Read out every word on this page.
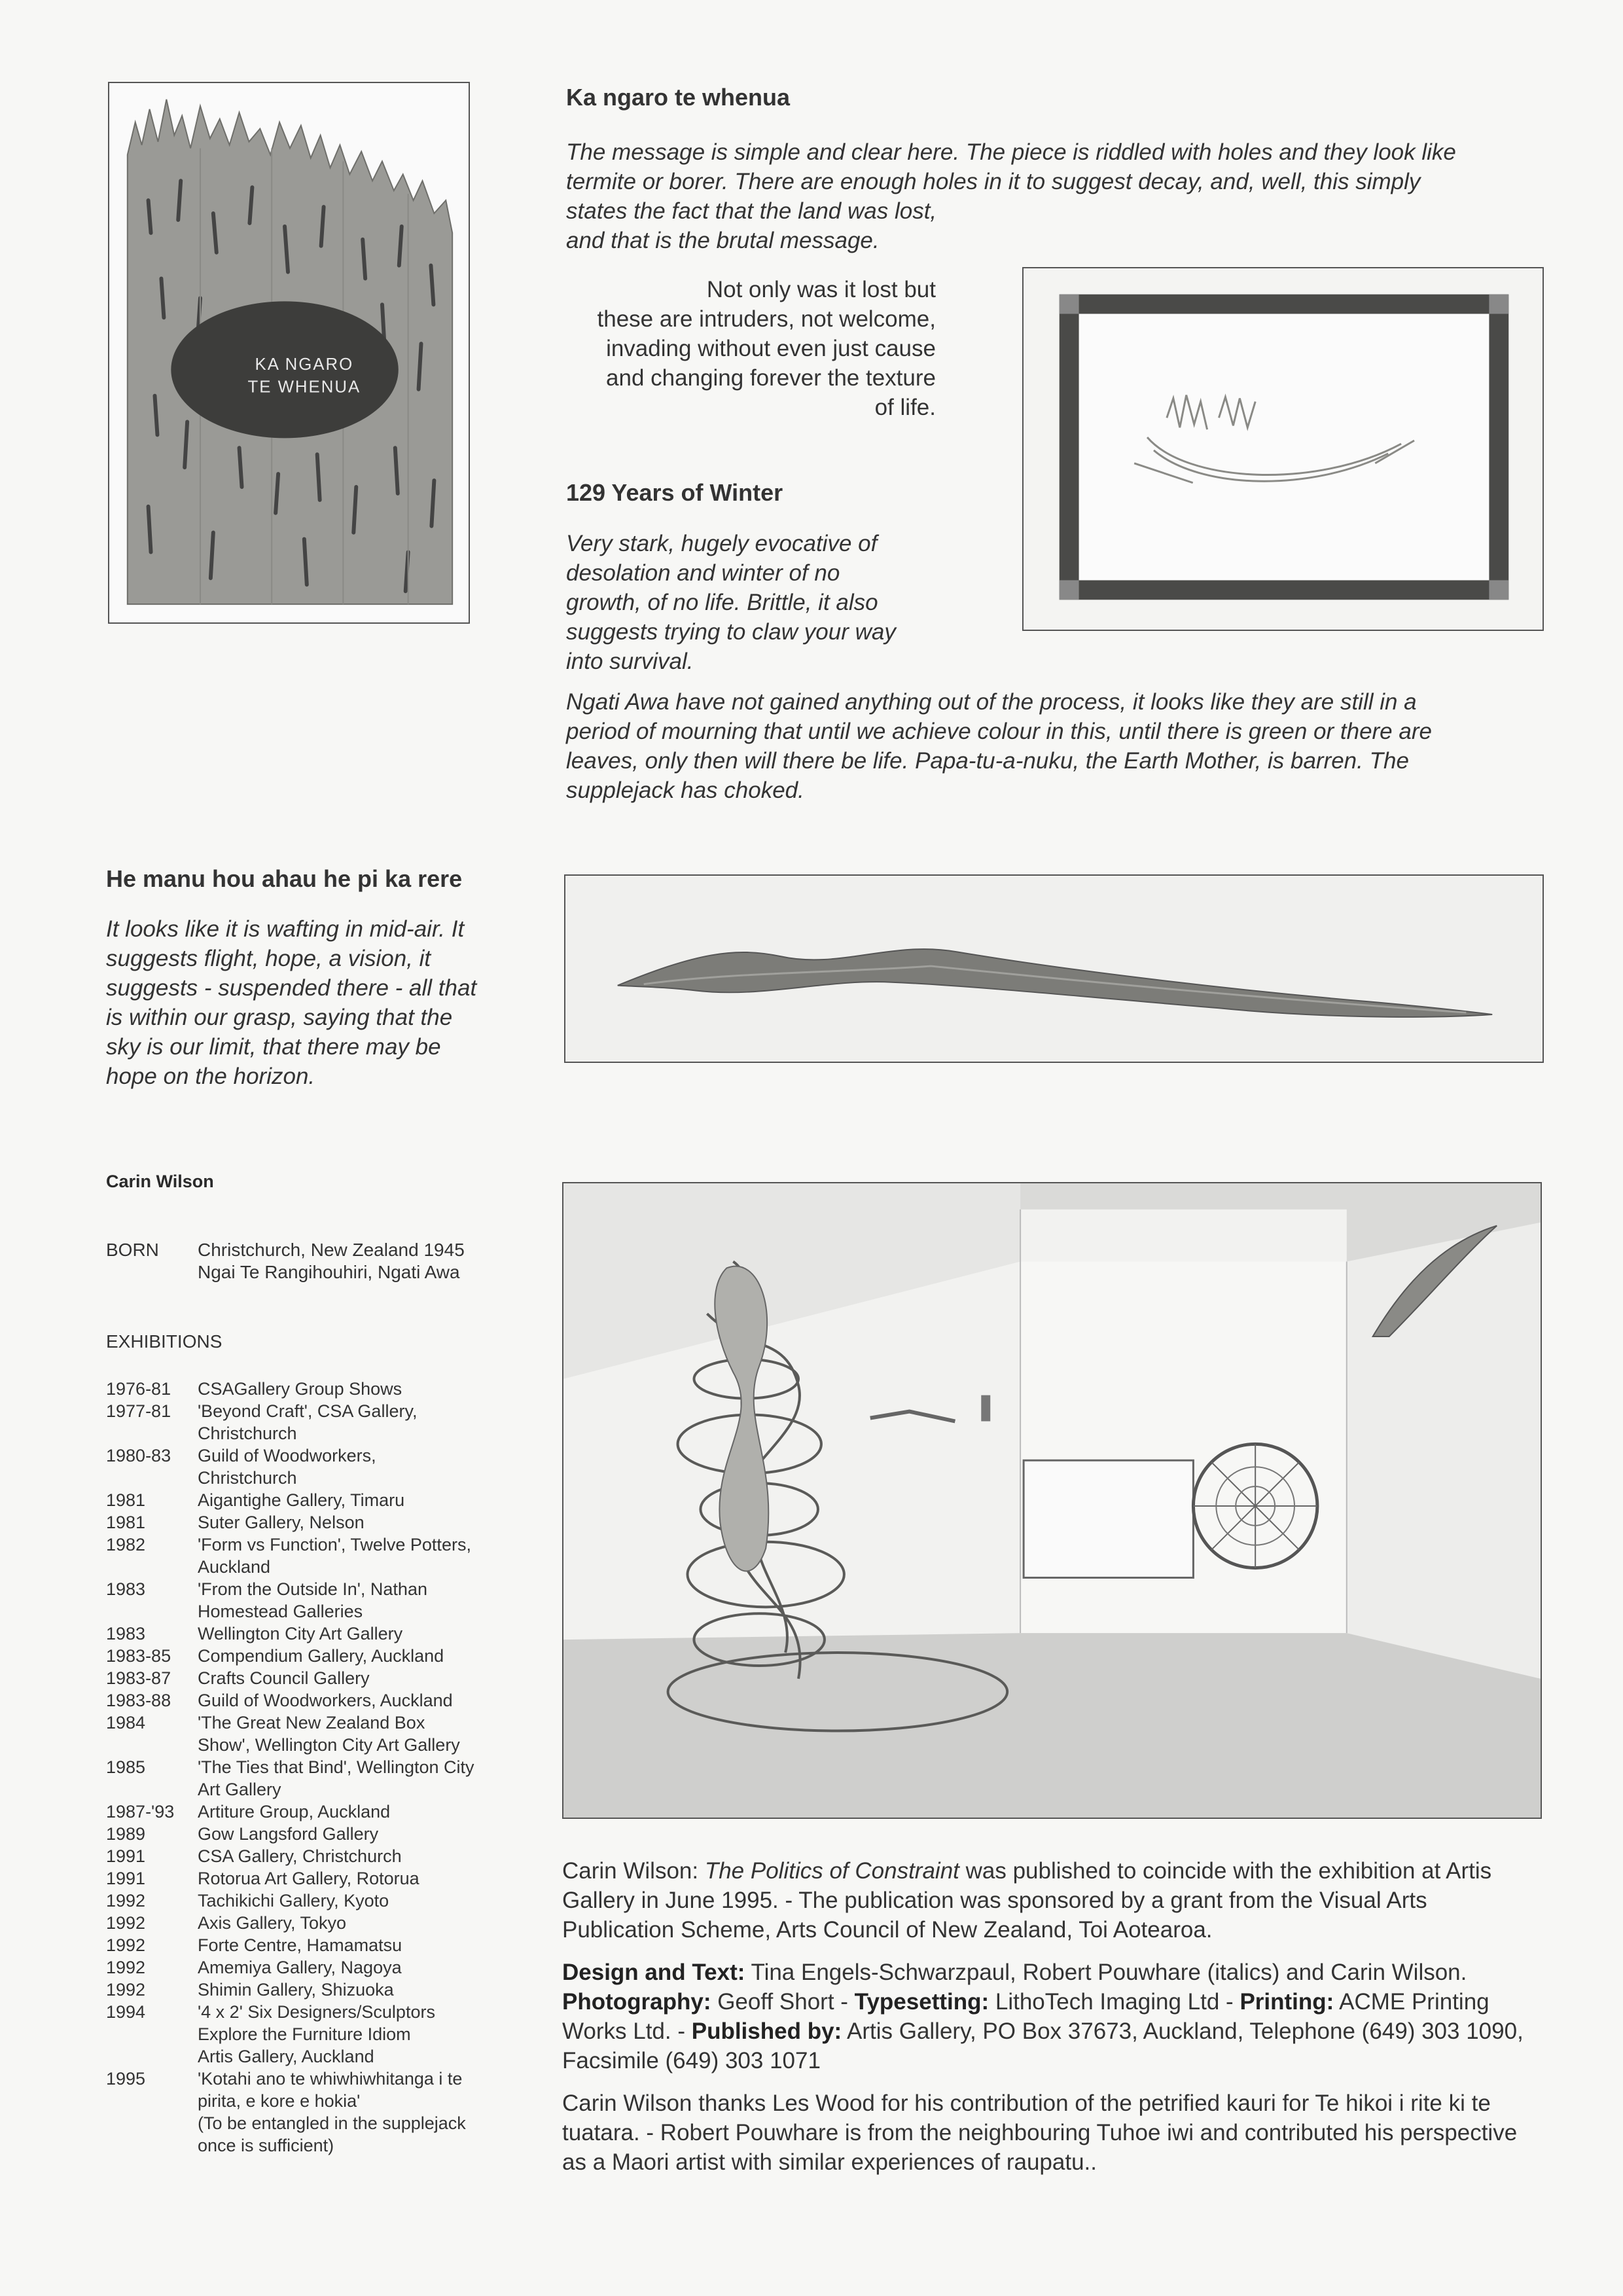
KA NGARO
TE WHENUA
Ka ngaro te whenua

The message is simple and clear here. The piece is riddled with holes and they look like

termite or borer. There are enough holes in it to suggest decay, and, well, this simply

states the fact that the land was lost,

and that is the brutal message.

Not only was it lost but

these are intruders, not welcome,

invading without even just cause

and changing forever the texture

of life.

129 Years of Winter

Very stark, hugely evocative of

desolation and winter of no

growth, of no life. Brittle, it also

suggests trying to claw your way

into survival.

Ngati Awa have not gained anything out of the process, it looks like they are still in a

period of mourning that until we achieve colour in this, until there is green or there are

leaves, only then will there be life. Papa-tu-a-nuku, the Earth Mother, is barren. The

supplejack has choked.

He manu hou ahau he pi ka rere

It looks like it is wafting in mid-air. It

suggests flight, hope, a vision, it

suggests - suspended there - all that

is within our grasp, saying that the

sky is our limit, that there may be

hope on the horizon.

Carin Wilson
BORN Christchurch, New Zealand 1945
Ngai Te Rangihouhiri, Ngati Awa
EXHIBITIONS
1976-81	CSAGallery Group Shows
1977-81	'Beyond Craft', CSA Gallery,
Christchurch
1980-83	Guild of Woodworkers,
Christchurch
1981	Aigantighe Gallery, Timaru
1981	Suter Gallery, Nelson
1982	'Form vs Function', Twelve Potters,
Auckland
1983	'From the Outside In', Nathan
Homestead Galleries
1983	Wellington City Art Gallery
1983-85	Compendium Gallery, Auckland
1983-87	Crafts Council Gallery
1983-88	Guild of Woodworkers, Auckland
1984	'The Great New Zealand Box
Show', Wellington City Art Gallery
1985	'The Ties that Bind', Wellington City
Art Gallery
1987-'93	Artiture Group, Auckland
1989	Gow Langsford Gallery
1991	CSA Gallery, Christchurch
1991	Rotorua Art Gallery, Rotorua
1992	Tachikichi Gallery, Kyoto
1992	Axis Gallery, Tokyo
1992	Forte Centre, Hamamatsu
1992	Amemiya Gallery, Nagoya
1992	Shimin Gallery, Shizuoka
1994	'4 x 2' Six Designers/Sculptors
Explore the Furniture Idiom
Artis Gallery, Auckland
1995	'Kotahi ano te whiwhiwhitanga i te
pirita, e kore e hokia'
(To be entangled in the supplejack
once is sufficient)

Carin Wilson: The Politics of Constraint was published to coincide with the exhibition at Artis Gallery in June 1995. - The publication was sponsored by a grant from the Visual Arts Publication Scheme, Arts Council of New Zealand, Toi Aotearoa.

Design and Text: Tina Engels-Schwarzpaul, Robert Pouwhare (italics) and Carin Wilson. Photography: Geoff Short - Typesetting: LithoTech Imaging Ltd - Printing: ACME Printing Works Ltd. - Published by: Artis Gallery, PO Box 37673, Auckland, Telephone (649) 303 1090, Facsimile (649) 303 1071

Carin Wilson thanks Les Wood for his contribution of the petrified kauri for Te hikoi i rite ki te tuatara. - Robert Pouwhare is from the neighbouring Tuhoe iwi and contributed his perspective as a Maori artist with similar experiences of raupatu..
